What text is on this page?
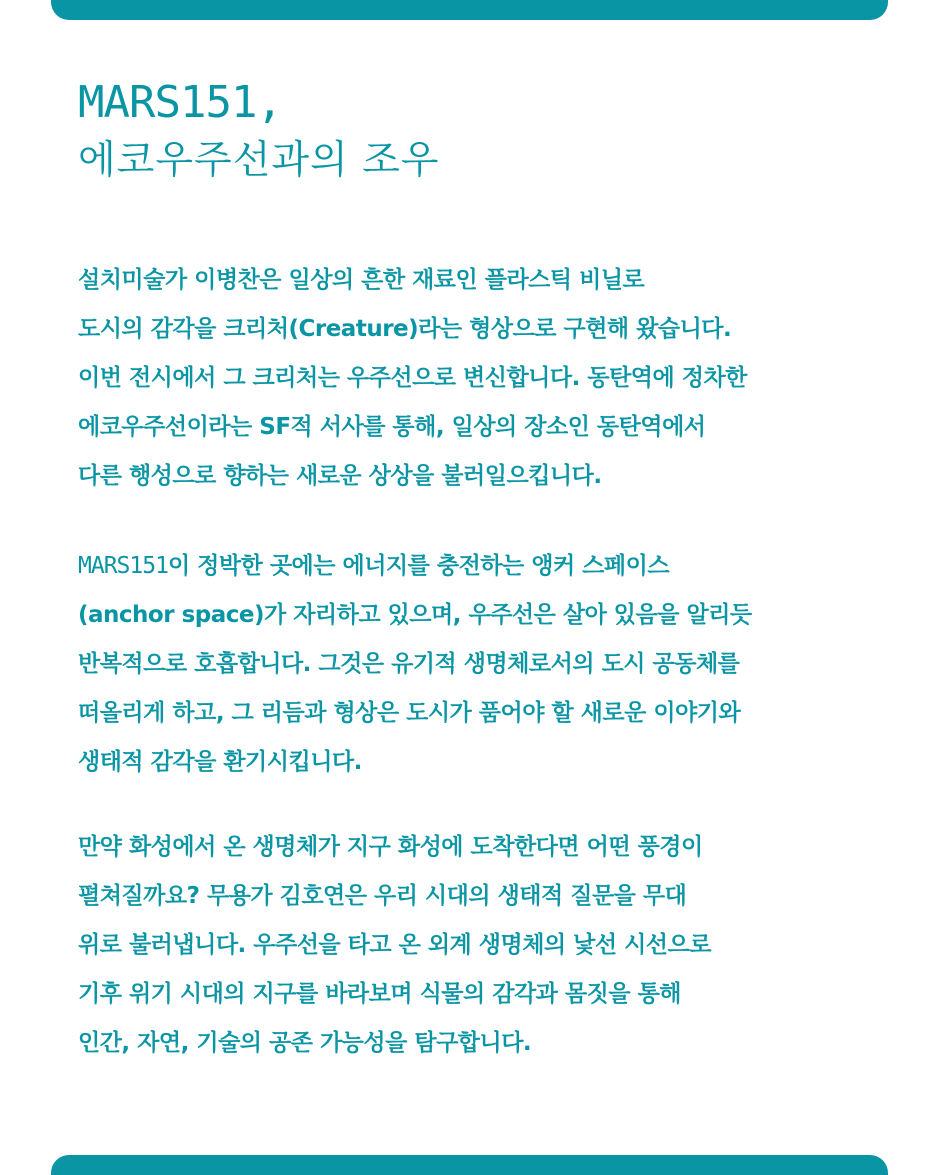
MARS151,
에코우주선과의 조우
설치미술가 이병찬은 일상의 흔한 재료인 플라스틱 비닐로
도시의 감각을 크리처(Creature)라는 형상으로 구현해 왔습니다.
이번 전시에서 그 크리처는 우주선으로 변신합니다. 동탄역에 정차한
에코우주선이라는 SF적 서사를 통해, 일상의 장소인 동탄역에서
다른 행성으로 향하는 새로운 상상을 불러일으킵니다.
MARS151이 정박한 곳에는 에너지를 충전하는 앵커 스페이스
(anchor space)가 자리하고 있으며, 우주선은 살아 있음을 알리듯
반복적으로 호흡합니다. 그것은 유기적 생명체로서의 도시 공동체를
떠올리게 하고, 그 리듬과 형상은 도시가 품어야 할 새로운 이야기와
생태적 감각을 환기시킵니다.
만약 화성에서 온 생명체가 지구 화성에 도착한다면 어떤 풍경이
펼쳐질까요? 무용가 김호연은 우리 시대의 생태적 질문을 무대
위로 불러냅니다. 우주선을 타고 온 외계 생명체의 낯선 시선으로
기후 위기 시대의 지구를 바라보며 식물의 감각과 몸짓을 통해
인간, 자연, 기술의 공존 가능성을 탐구합니다.
